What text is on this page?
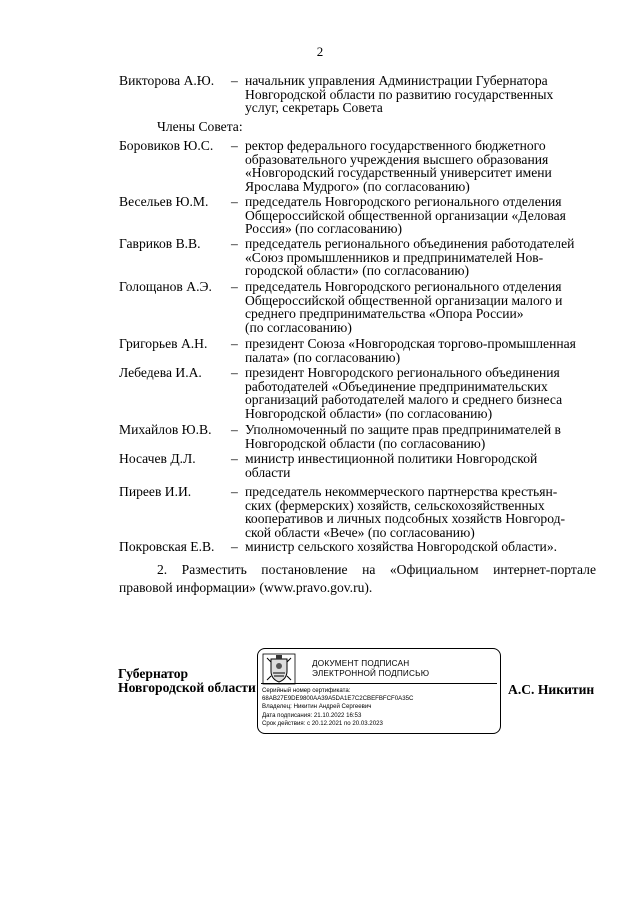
2
Викторова А.Ю. – начальник управления Администрации Губернатора
Новгородской области по развитию государственных
услуг, секретарь Совета
Боровиков Ю.С. – ректор федерального государственного бюджетного
образовательного учреждения высшего образования
«Новгородский государственный университет имени
Ярослава Мудрого» (по согласованию)
Весельев Ю.М. – председатель Новгородского регионального отделения
Общероссийской общественной организации «Деловая
Россия» (по согласованию)
Гавриков В.В. – председатель регионального объединения работодателей
«Союз промышленников и предпринимателей Нов-
городской области» (по согласованию)
Голощанов А.Э. – председатель Новгородского регионального отделения
Общероссийской общественной организации малого и
среднего предпринимательства «Опора России»
(по согласованию)
Григорьев А.Н. – президент Союза «Новгородская торгово-промышленная
палата» (по согласованию)
Лебедева И.А. – президент Новгородского регионального объединения
работодателей «Объединение предпринимательских
организаций работодателей малого и среднего бизнеса
Новгородской области» (по согласованию)
Михайлов Ю.В. – Уполномоченный по защите прав предпринимателей в
Новгородской области (по согласованию)
Носачев Д.Л.	– министр инвестиционной политики Новгородской
области
Пиреев И.И.	– председатель некоммерческого партнерства крестьян-
ских (фермерских) хозяйств, сельскохозяйственных
кооперативов и личных подсобных хозяйств Новгород-
ской области «Вече» (по согласованию)
Покровская Е.В. – министр сельского хозяйства Новгородской области».
Члены Совета:
2. Разместить постановление на «Официальном интернет-портале
правовой информации» (www.pravo.gov.ru).
Губернатор
Новгородской области
ДОКУМЕНТ ПОДПИСАН
ЭЛЕКТРОННОЙ ПОДПИСЬЮ
Серийный номер сертификата:
68AB27E9DE9800AA39A5DA1E7C2CBEFBFCF0A35C
Владелец: Никитин Андрей Сергеевич
Дата подписания: 21.10.2022 16:53
Срок действия: с 20.12.2021 по 20.03.2023
А.С. Никитин
